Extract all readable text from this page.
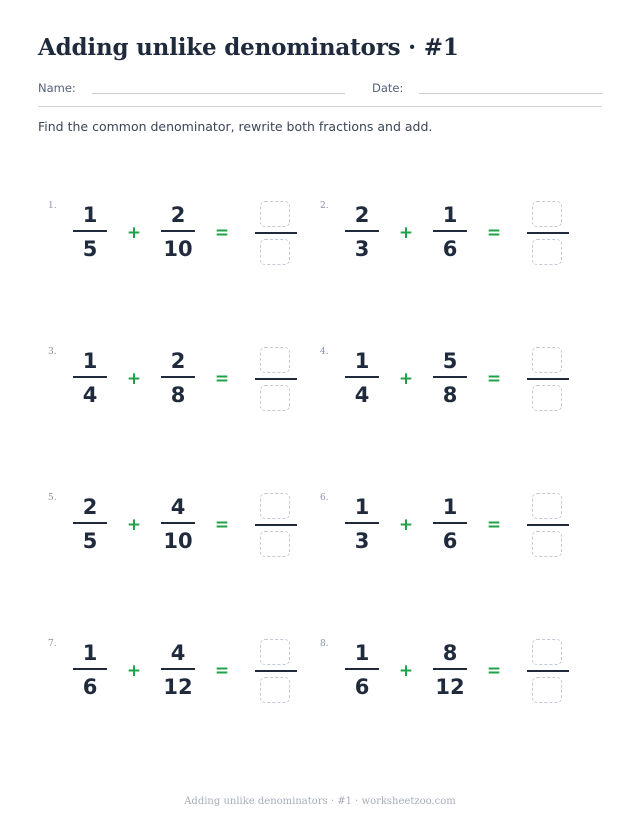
Adding unlike denominators · #1
Name:	Date:
Find the common denominator, rewrite both fractions and add.
1.	1
5
+
2
10
=
2.	2
3
+
1
6
=
3.	1
4
+
2
8
=
4.	1
4
+
5
8
=
5.	2
5
+
4
10
=
6.	1
3
+
1
6
=
7.	1
6
+
4
12
=
8.	1
6
+
8
12
=
Adding unlike denominators · #1 · worksheetzoo.com
